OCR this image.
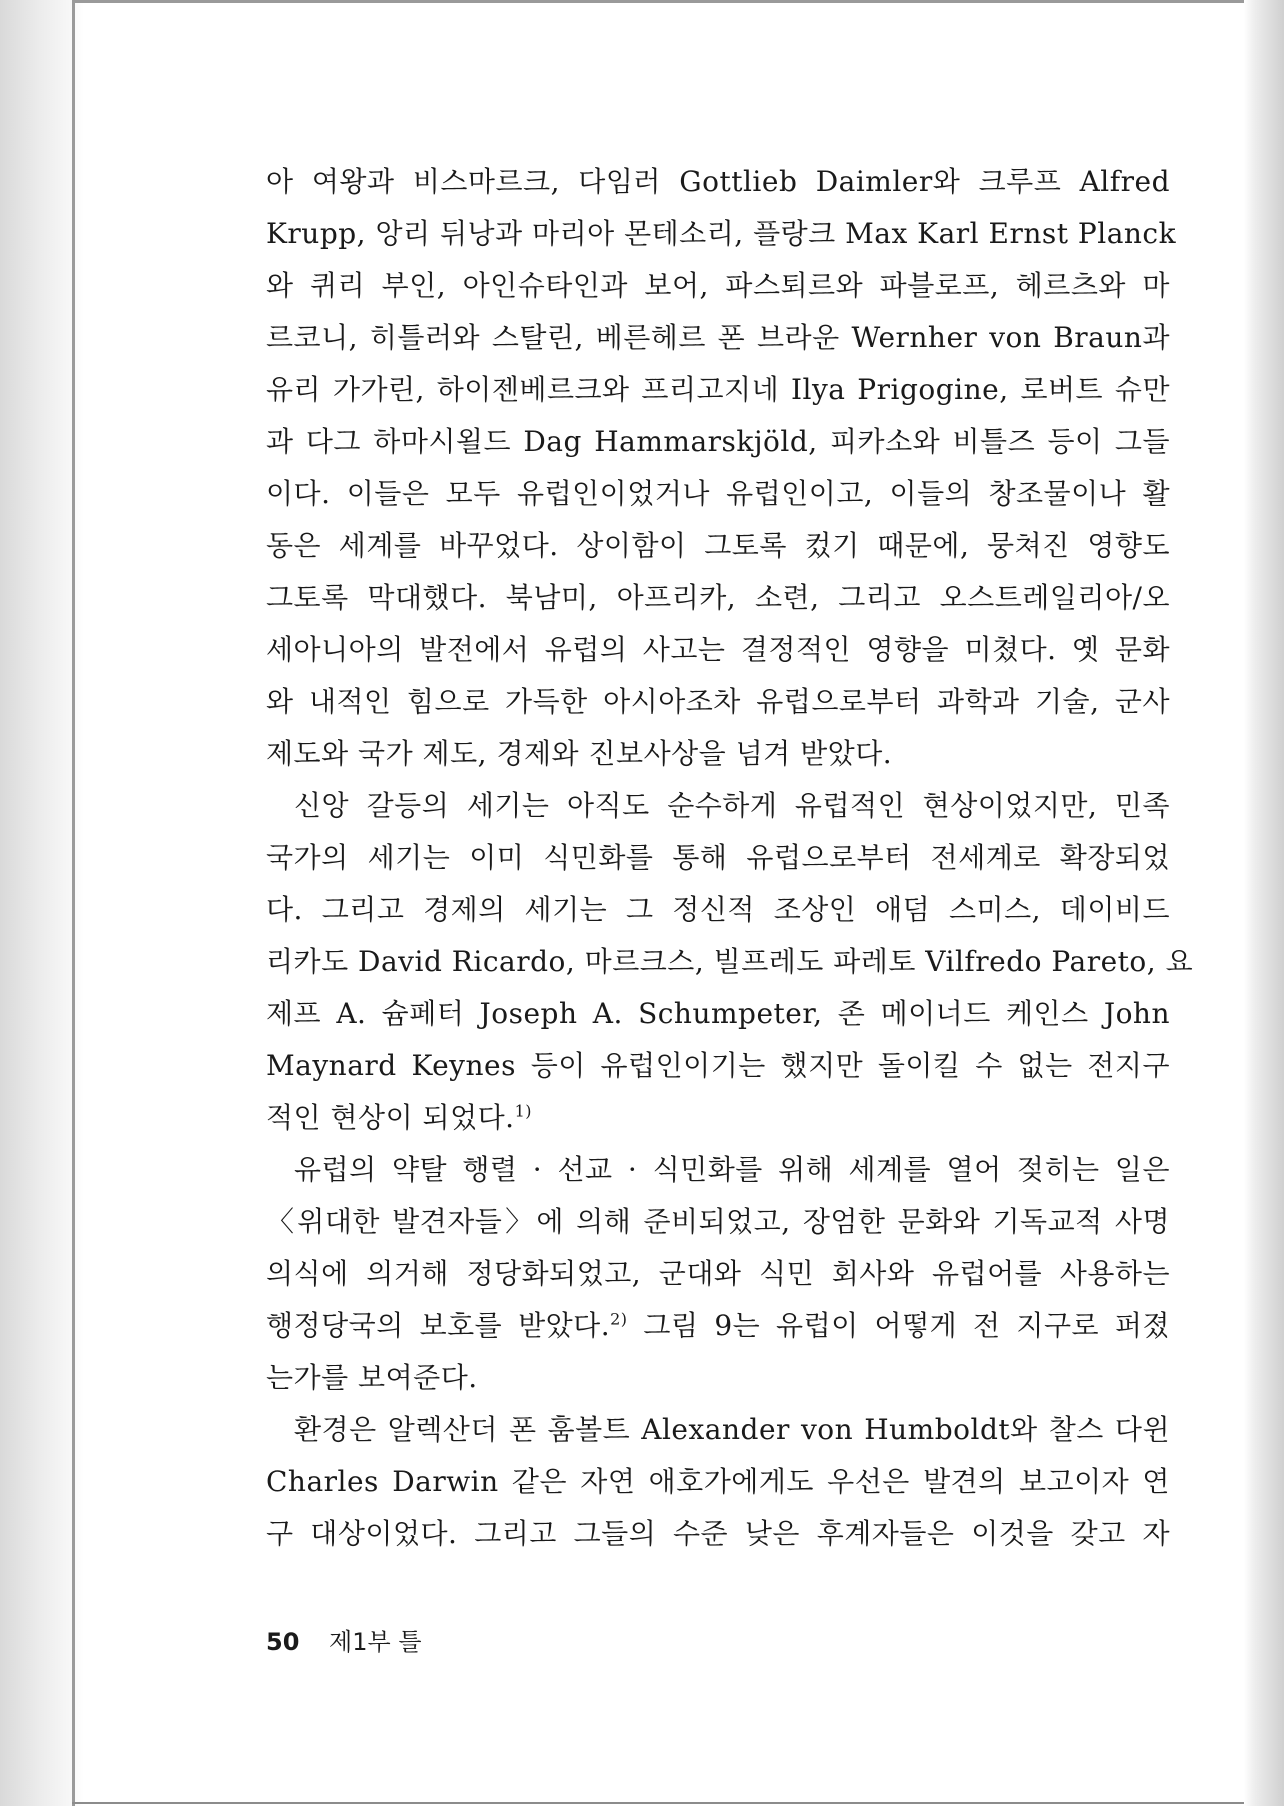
아 여왕과 비스마르크, 다임러 Gottlieb Daimler와 크루프 Alfred
Krupp, 앙리 뒤낭과 마리아 몬테소리, 플랑크 Max Karl Ernst Planck
와 퀴리 부인, 아인슈타인과 보어, 파스퇴르와 파블로프, 헤르츠와 마
르코니, 히틀러와 스탈린, 베른헤르 폰 브라운 Wernher von Braun과
유리 가가린, 하이젠베르크와 프리고지네 Ilya Prigogine, 로버트 슈만
과 다그 하마시욀드 Dag Hammarskjöld, 피카소와 비틀즈 등이 그들
이다. 이들은 모두 유럽인이었거나 유럽인이고, 이들의 창조물이나 활
동은 세계를 바꾸었다. 상이함이 그토록 컸기 때문에, 뭉쳐진 영향도
그토록 막대했다. 북남미, 아프리카, 소련, 그리고 오스트레일리아/오
세아니아의 발전에서 유럽의 사고는 결정적인 영향을 미쳤다. 옛 문화
와 내적인 힘으로 가득한 아시아조차 유럽으로부터 과학과 기술, 군사
제도와 국가 제도, 경제와 진보사상을 넘겨 받았다.
신앙 갈등의 세기는 아직도 순수하게 유럽적인 현상이었지만, 민족
국가의 세기는 이미 식민화를 통해 유럽으로부터 전세계로 확장되었
다. 그리고 경제의 세기는 그 정신적 조상인 애덤 스미스, 데이비드
리카도 David Ricardo, 마르크스, 빌프레도 파레토 Vilfredo Pareto, 요
제프 A. 슘페터 Joseph A. Schumpeter, 존 메이너드 케인스 John
Maynard Keynes 등이 유럽인이기는 했지만 돌이킬 수 없는 전지구
적인 현상이 되었다.$^{1)}$
유럽의 약탈 행렬 · 선교 · 식민화를 위해 세계를 열어 젖히는 일은
〈위대한 발견자들〉에 의해 준비되었고, 장엄한 문화와 기독교적 사명
의식에 의거해 정당화되었고, 군대와 식민 회사와 유럽어를 사용하는
행정당국의 보호를 받았다.$^{2)}$ 그림 9는 유럽이 어떻게 전 지구로 퍼졌
는가를 보여준다.
환경은 알렉산더 폰 훔볼트 Alexander von Humboldt와 찰스 다윈
Charles Darwin 같은 자연 애호가에게도 우선은 발견의 보고이자 연
구 대상이었다. 그리고 그들의 수준 낮은 후계자들은 이것을 갖고 자
50 제1부 틀
